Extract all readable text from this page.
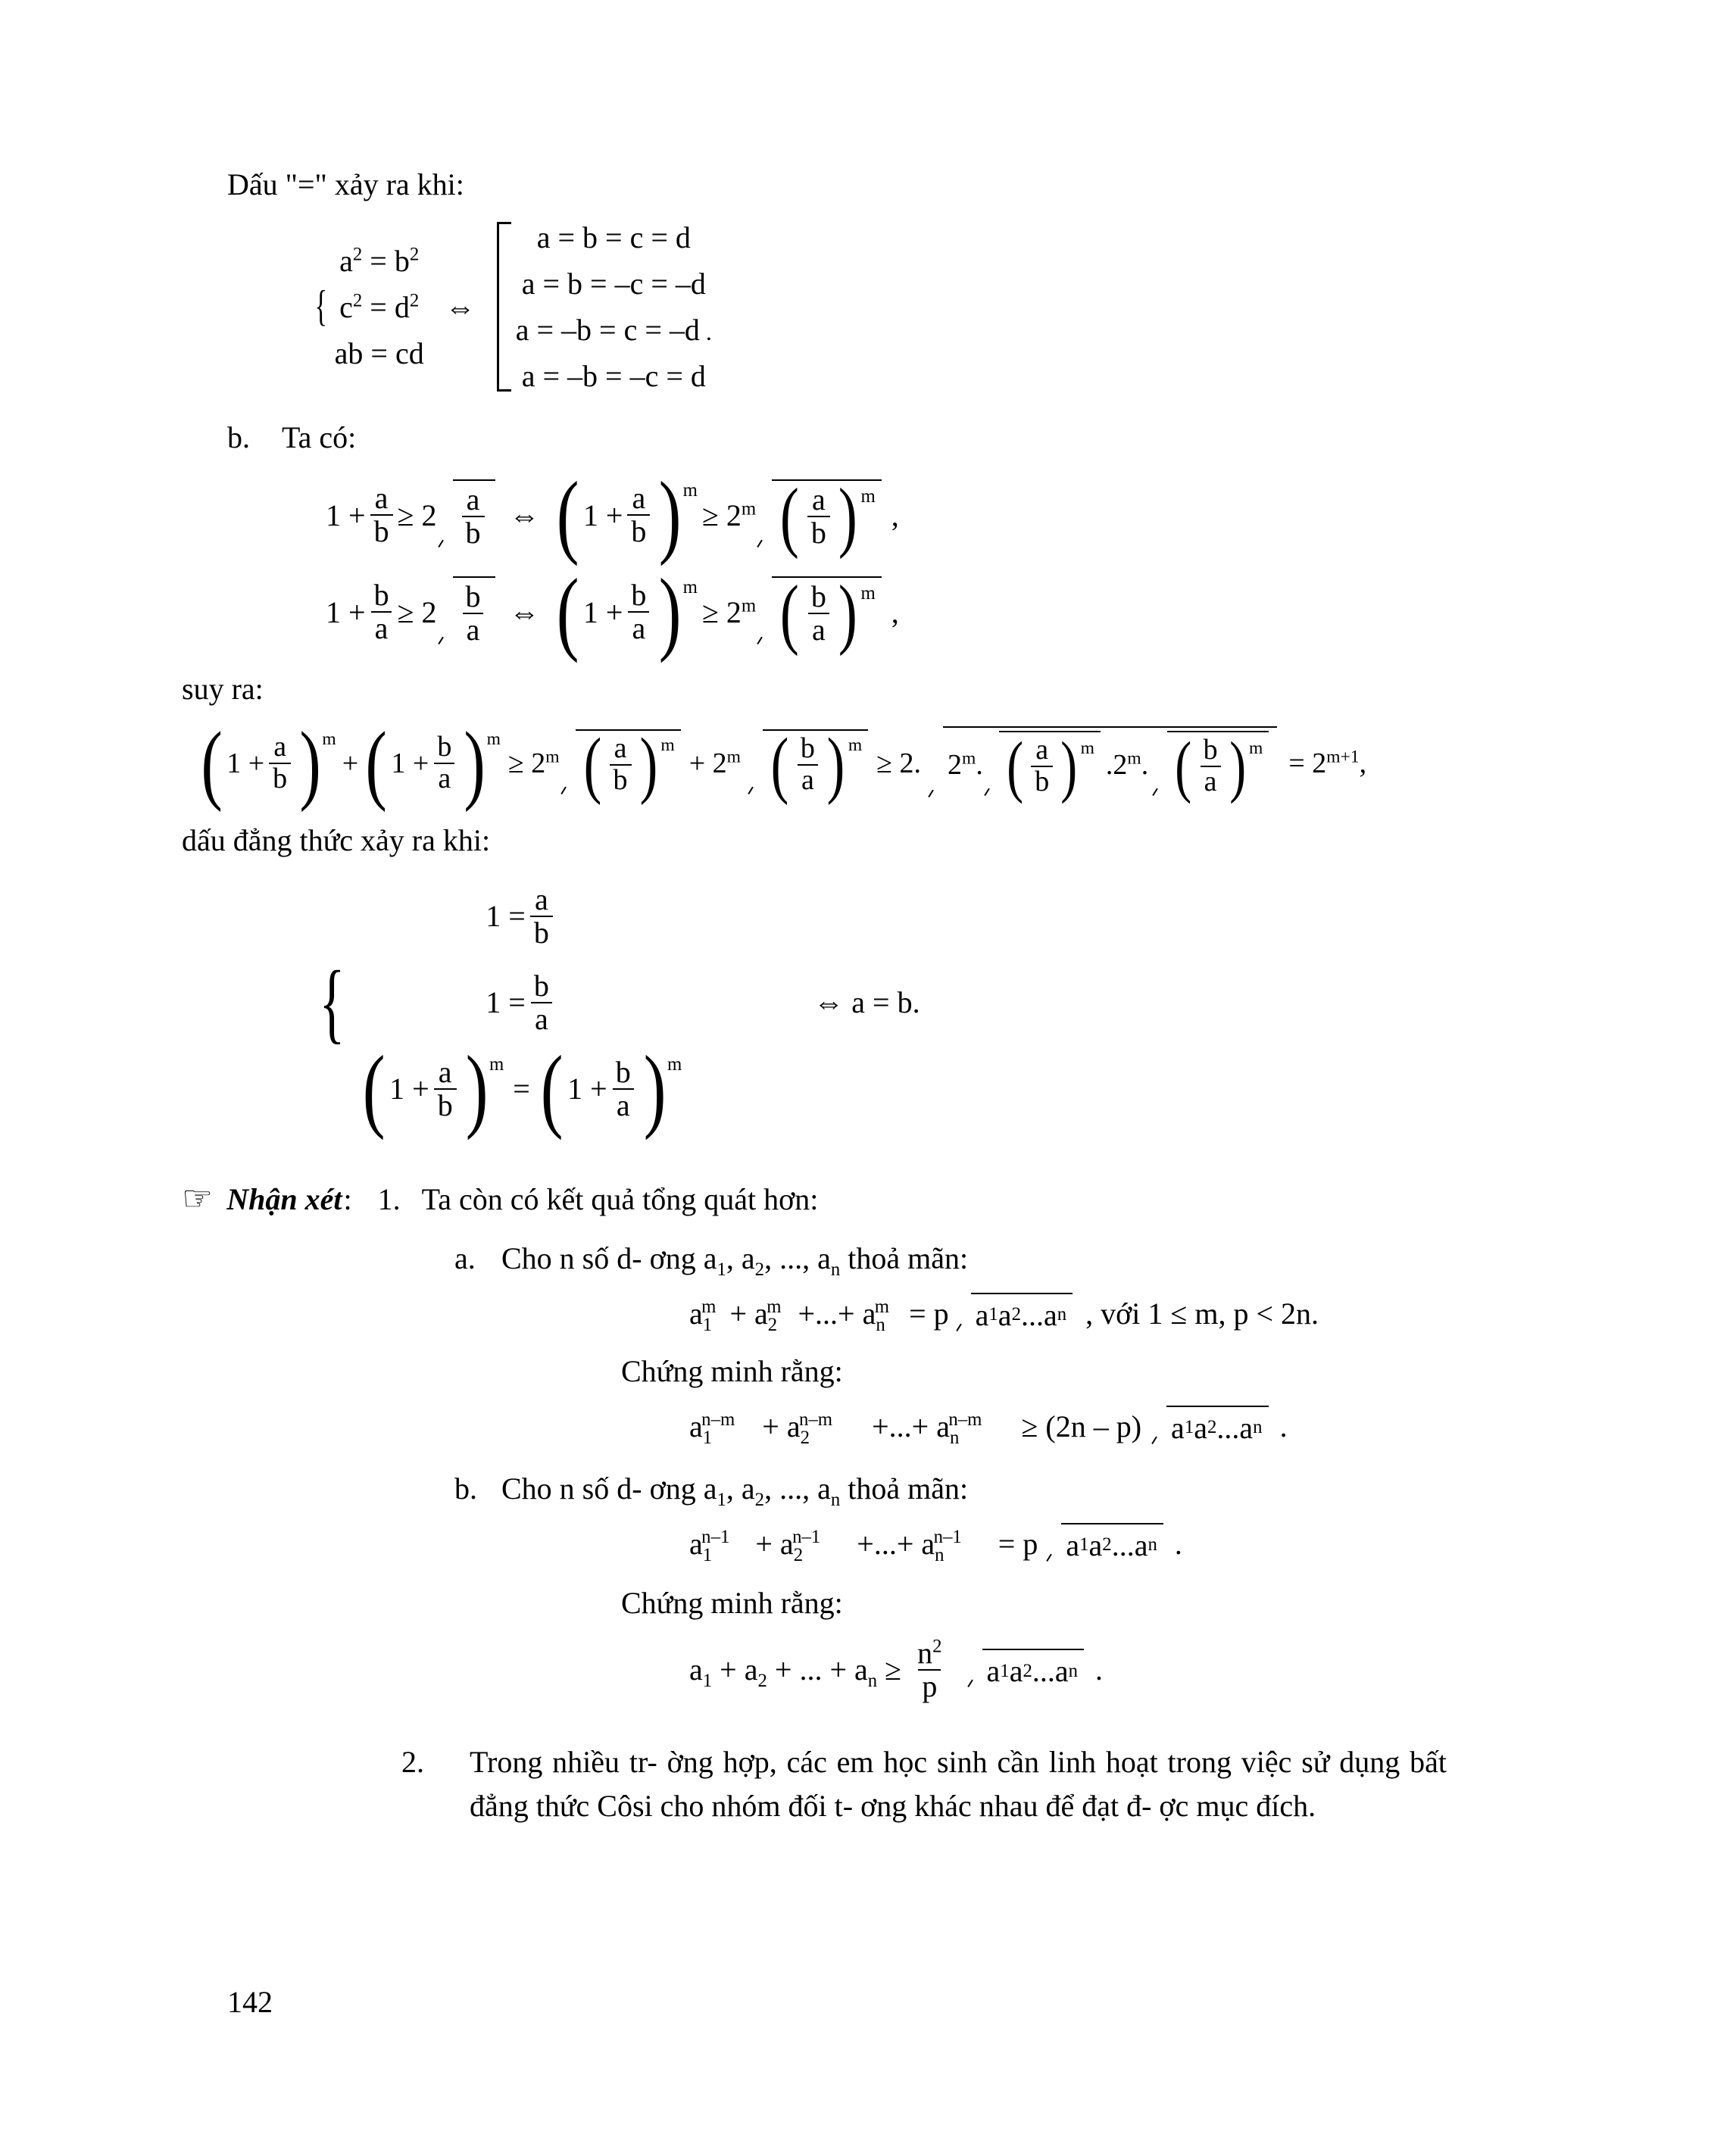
Dấu "=" xảy ra khi:
{
$a^2 = b^2$
$c^2 = d^2$
ab = cd
⇔
a = b = c = d
a = b = –c = –d
a = –b = c = –d .
a = –b = –c = d
b.	Ta có:
$1 + \frac{a}{b} \ge 2 \frac{a}{b}$ ⇔ ( $1 + \frac{a}{b}$ ) m
≥ $2^m$ ( $\frac{a}{b}$ ) m
,
$1 + \frac{b}{a} \ge 2 \frac{b}{a}$ ⇔ ( $1 + \frac{b}{a}$ ) m
≥ $2^m$ ( $\frac{b}{a}$ ) m
,
suy ra:
( $1 + \frac{a}{b}$ ) m
+ ( $1 + \frac{b}{a}$ ) m
≥ $2^m$ ( $\frac{a}{b}$ ) m
+ $2^m$ ( $\frac{b}{a}$ ) m
≥ 2. 2$^m$. ( $\frac{a}{b}$ ) m
.2$^m$. ( $\frac{b}{a}$ ) $m = 2^{m+1}$,
dấu đẳng thức xảy ra khi:
{
$1 = \frac{a}{b}$
$1 = \frac{b}{a}$
( $1 + \frac{a}{b}$ ) m
= ( $1 + \frac{b}{a}$ ) m
⇔ a = b.
☞ Nhận xét : 1. Ta còn có kết quả tổng quát hơn:
a. Cho n số d- ơng $a_1$, $a_2$, ..., $a_n$ thoả mãn:
$a_1^m + a_2^m$ +...+ $a_n^m = p$ a 1 a 2 ...a n , với 1 ≤ m, p < 2n.
Chứng minh rằng:
$a_1^{n-m} + a_2^{n-m}$	+...+ $a_n^{n-m}$	≥ (2n – p) a 1 a 2 ...a n .
b. Cho n số d- ơng $a_1$, $a_2$, ..., $a_n$ thoả mãn:
$a_1^{n-1} + a_2^{n-1}$	+...+ $a_n^{n-1}$	= p a 1 a 2 ...a n .
Chứng minh rằng:
$a_1 + a_2$ + ... + $a_n \ge \frac{n^2}{p}$ a 1 a 2 ...a n .
2.	Trong nhiều tr- ờng hợp, các em học sinh cần linh hoạt trong việc sử dụng bất đẳng thức Côsi cho nhóm đối t- ơng khác nhau để đạt đ- ợc mục đích.
142
